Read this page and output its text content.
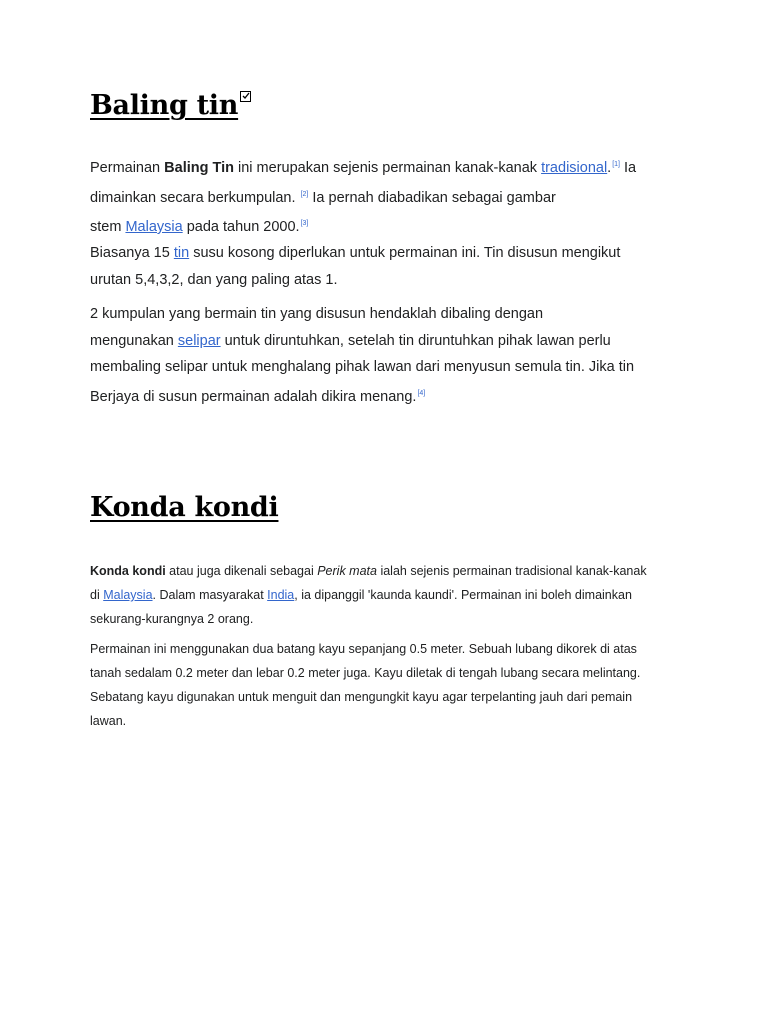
Baling tin

Permainan Baling Tin ini merupakan sejenis permainan kanak-kanak tradisional.[1] Ia
dimainkan secara berkumpulan. [2] Ia pernah diabadikan sebagai gambar
stem Malaysia pada tahun 2000.[3]

Biasanya 15 tin susu kosong diperlukan untuk permainan ini. Tin disusun mengikut
urutan 5,4,3,2, dan yang paling atas 1.

2 kumpulan yang bermain tin yang disusun hendaklah dibaling dengan
mengunakan selipar untuk diruntuhkan, setelah tin diruntuhkan pihak lawan perlu
membaling selipar untuk menghalang pihak lawan dari menyusun semula tin. Jika tin
Berjaya di susun permainan adalah dikira menang.[4]

Konda kondi

Konda kondi atau juga dikenali sebagai Perik mata ialah sejenis permainan tradisional kanak-kanak
di Malaysia. Dalam masyarakat India, ia dipanggil 'kaunda kaundi'. Permainan ini boleh dimainkan
sekurang-kurangnya 2 orang.

Permainan ini menggunakan dua batang kayu sepanjang 0.5 meter. Sebuah lubang dikorek di atas
tanah sedalam 0.2 meter dan lebar 0.2 meter juga. Kayu diletak di tengah lubang secara melintang.
Sebatang kayu digunakan untuk menguit dan mengungkit kayu agar terpelanting jauh dari pemain
lawan.
